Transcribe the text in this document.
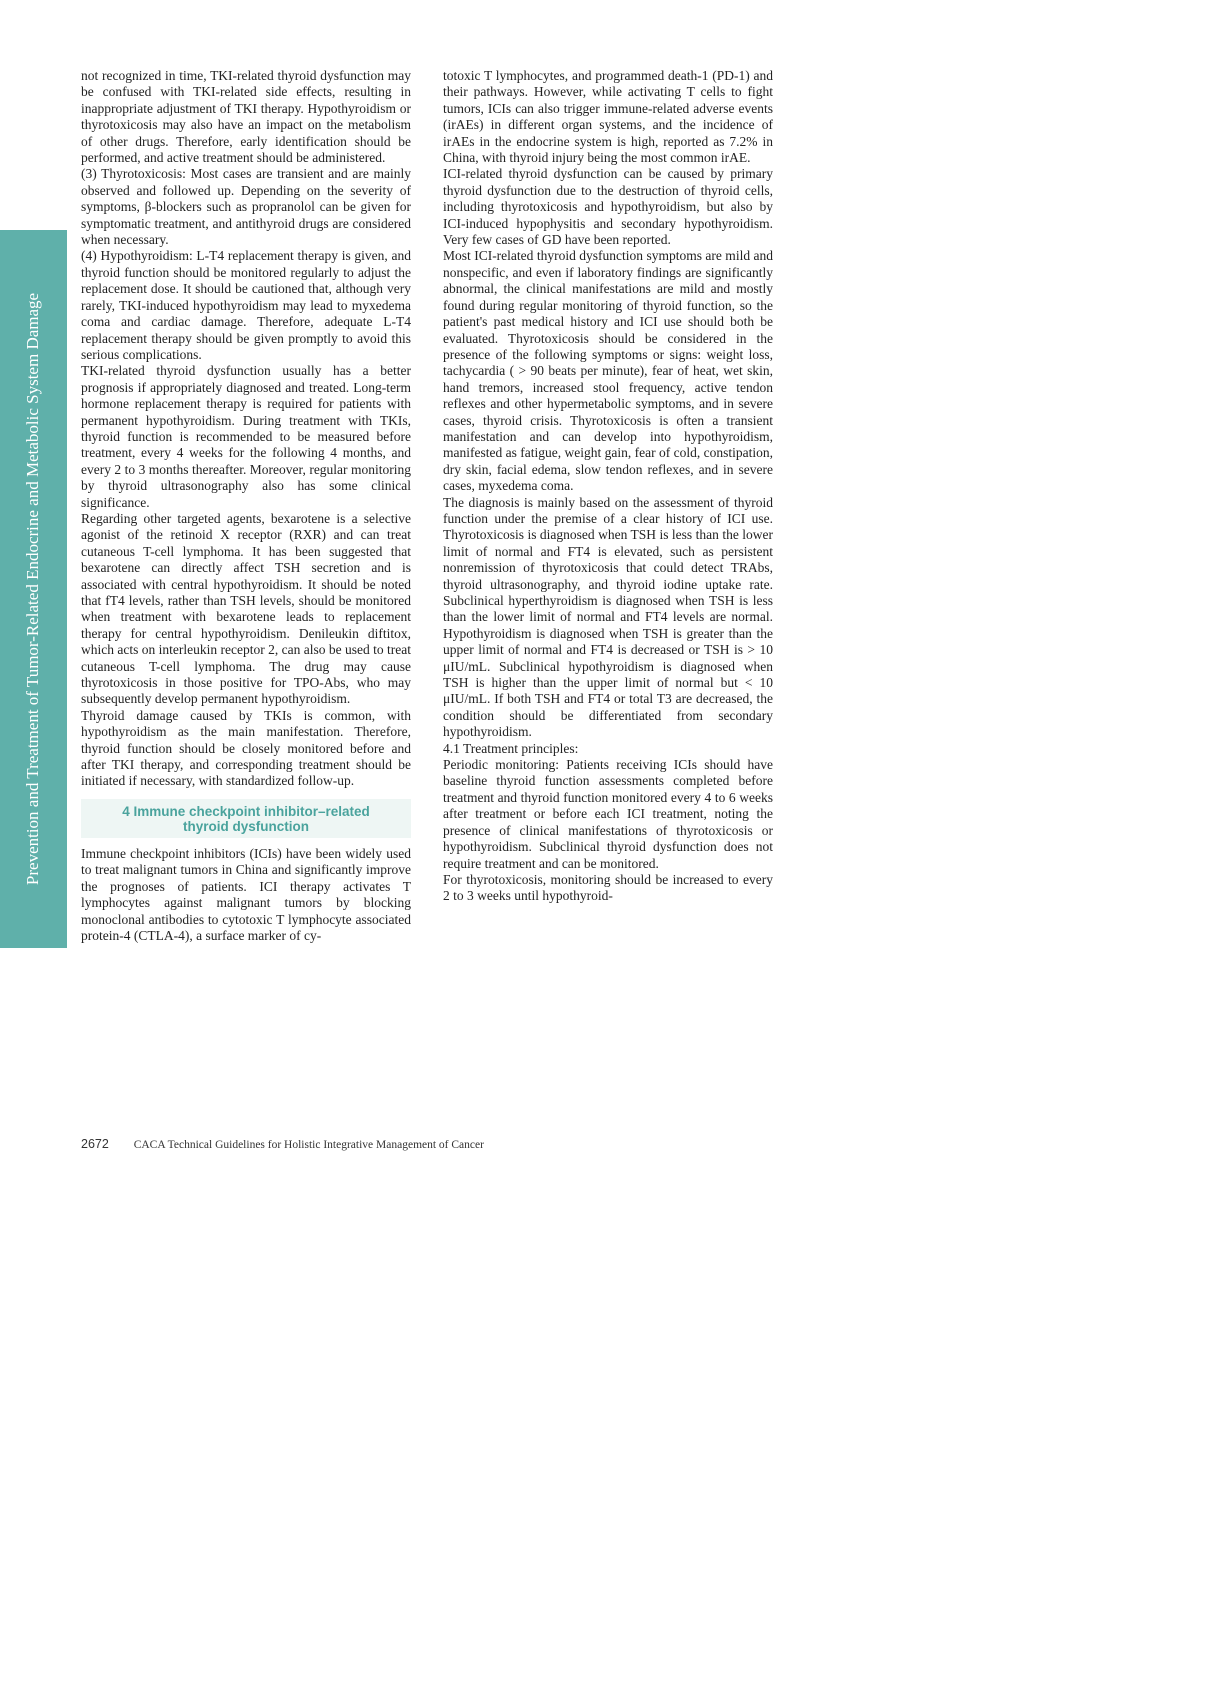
Prevention and Treatment of Tumor-Related Endocrine and Metabolic System Damage

not recognized in time, TKI-related thyroid dysfunction may be confused with TKI-related side effects, resulting in inappropriate adjustment of TKI therapy. Hypothyroidism or thyrotoxicosis may also have an impact on the metabolism of other drugs. Therefore, early identification should be performed, and active treatment should be administered.

(3) Thyrotoxicosis: Most cases are transient and are mainly observed and followed up. Depending on the severity of symptoms, β-blockers such as propranolol can be given for symptomatic treatment, and antithyroid drugs are considered when necessary.

(4) Hypothyroidism: L-T4 replacement therapy is given, and thyroid function should be monitored regularly to adjust the replacement dose. It should be cautioned that, although very rarely, TKI-induced hypothyroidism may lead to myxedema coma and cardiac damage. Therefore, adequate L-T4 replacement therapy should be given promptly to avoid this serious complications.

TKI-related thyroid dysfunction usually has a better prognosis if appropriately diagnosed and treated. Long-term hormone replacement therapy is required for patients with permanent hypothyroidism. During treatment with TKIs, thyroid function is recommended to be measured before treatment, every 4 weeks for the following 4 months, and every 2 to 3 months thereafter. Moreover, regular monitoring by thyroid ultrasonography also has some clinical significance.

Regarding other targeted agents, bexarotene is a selective agonist of the retinoid X receptor (RXR) and can treat cutaneous T-cell lymphoma. It has been suggested that bexarotene can directly affect TSH secretion and is associated with central hypothyroidism. It should be noted that fT4 levels, rather than TSH levels, should be monitored when treatment with bexarotene leads to replacement therapy for central hypothyroidism. Denileukin diftitox, which acts on interleukin receptor 2, can also be used to treat cutaneous T-cell lymphoma. The drug may cause thyrotoxicosis in those positive for TPO-Abs, who may subsequently develop permanent hypothyroidism.

Thyroid damage caused by TKIs is common, with hypothyroidism as the main manifestation. Therefore, thyroid function should be closely monitored before and after TKI therapy, and corresponding treatment should be initiated if necessary, with standardized follow-up.

4 Immune checkpoint inhibitor–related
thyroid dysfunction

Immune checkpoint inhibitors (ICIs) have been widely used to treat malignant tumors in China and significantly improve the prognoses of patients. ICI therapy activates T lymphocytes against malignant tumors by blocking monoclonal antibodies to cytotoxic T lymphocyte associated protein-4 (CTLA-4), a surface marker of cy-

totoxic T lymphocytes, and programmed death-1 (PD-1) and their pathways. However, while activating T cells to fight tumors, ICIs can also trigger immune-related adverse events (irAEs) in different organ systems, and the incidence of irAEs in the endocrine system is high, reported as 7.2% in China, with thyroid injury being the most common irAE.

ICI-related thyroid dysfunction can be caused by primary thyroid dysfunction due to the destruction of thyroid cells, including thyrotoxicosis and hypothyroidism, but also by ICI-induced hypophysitis and secondary hypothyroidism. Very few cases of GD have been reported.

Most ICI-related thyroid dysfunction symptoms are mild and nonspecific, and even if laboratory findings are significantly abnormal, the clinical manifestations are mild and mostly found during regular monitoring of thyroid function, so the patient's past medical history and ICI use should both be evaluated. Thyrotoxicosis should be considered in the presence of the following symptoms or signs: weight loss, tachycardia ( > 90 beats per minute), fear of heat, wet skin, hand tremors, increased stool frequency, active tendon reflexes and other hypermetabolic symptoms, and in severe cases, thyroid crisis. Thyrotoxicosis is often a transient manifestation and can develop into hypothyroidism, manifested as fatigue, weight gain, fear of cold, constipation, dry skin, facial edema, slow tendon reflexes, and in severe cases, myxedema coma.

The diagnosis is mainly based on the assessment of thyroid function under the premise of a clear history of ICI use. Thyrotoxicosis is diagnosed when TSH is less than the lower limit of normal and FT4 is elevated, such as persistent nonremission of thyrotoxicosis that could detect TRAbs, thyroid ultrasonography, and thyroid iodine uptake rate. Subclinical hyperthyroidism is diagnosed when TSH is less than the lower limit of normal and FT4 levels are normal. Hypothyroidism is diagnosed when TSH is greater than the upper limit of normal and FT4 is decreased or TSH is > 10 μIU/mL. Subclinical hypothyroidism is diagnosed when TSH is higher than the upper limit of normal but < 10 μIU/mL. If both TSH and FT4 or total T3 are decreased, the condition should be differentiated from secondary hypothyroidism.

4.1 Treatment principles:

Periodic monitoring: Patients receiving ICIs should have baseline thyroid function assessments completed before treatment and thyroid function monitored every 4 to 6 weeks after treatment or before each ICI treatment, noting the presence of clinical manifestations of thyrotoxicosis or hypothyroidism. Subclinical thyroid dysfunction does not require treatment and can be monitored.

For thyrotoxicosis, monitoring should be increased to every 2 to 3 weeks until hypothyroid-

2672 CACA Technical Guidelines for Holistic Integrative Management of Cancer
